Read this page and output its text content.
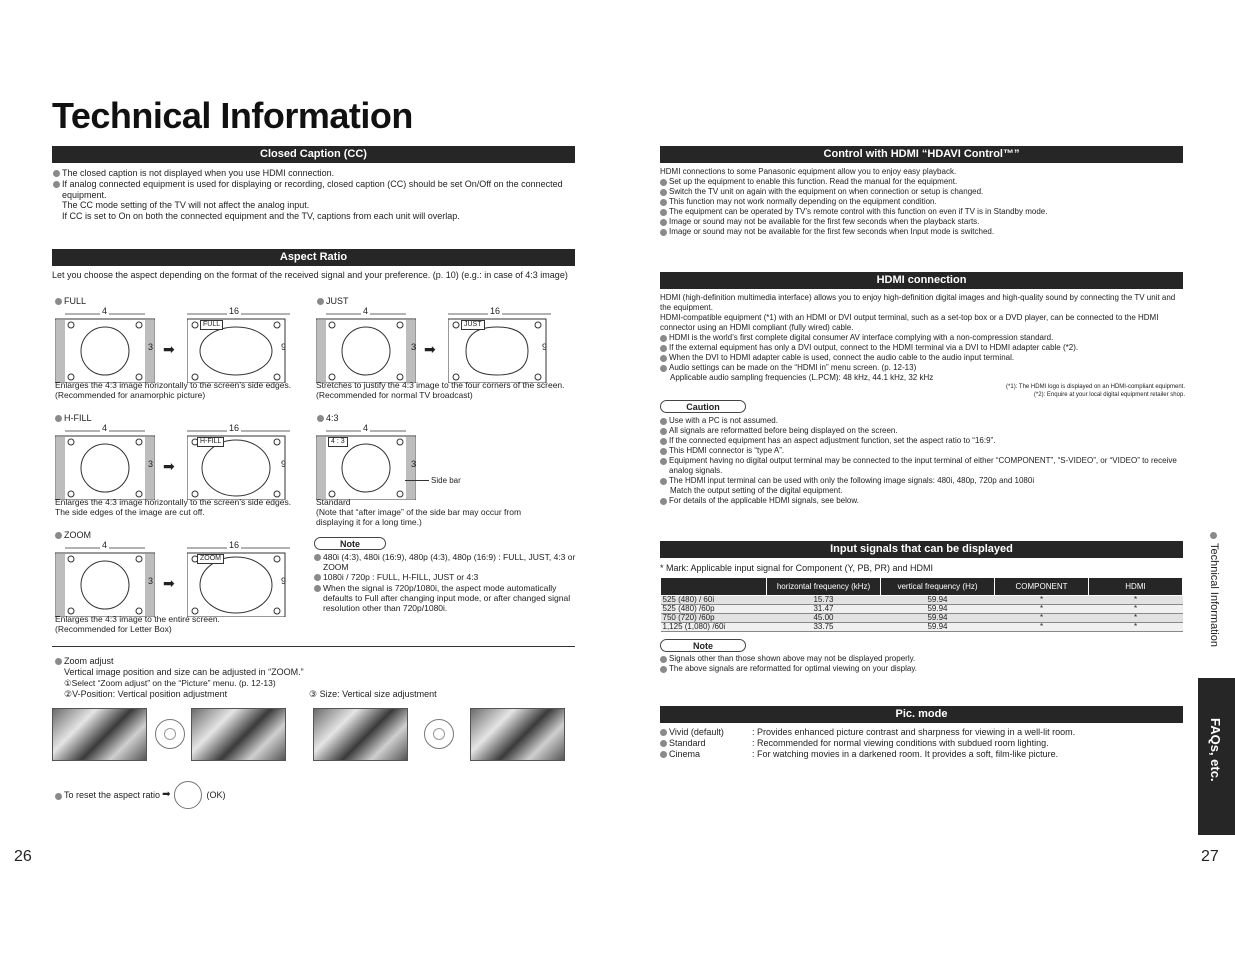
Technical Information
Closed Caption (CC)
The closed caption is not displayed when you use HDMI connection.
If analog connected equipment is used for displaying or recording, closed caption (CC) should be set On/Off on the connected equipment.
The CC mode setting of the TV will not affect the analog input.
If CC is set to On on both the connected equipment and the TV, captions from each unit will overlap.
Aspect Ratio
Let you choose the aspect depending on the format of the received signal and your preference. (p. 10) (e.g.: in case of 4:3 image)
FULL	JUST
H-FILL	4:3
ZOOM
4
3 ➡
16
9
FULL
Enlarges the 4:3 image horizontally to the screen’s side edges.
(Recommended for anamorphic picture)
4
3 ➡
16
9
JUST
Stretches to justify the 4:3 image to the four corners of the screen.
(Recommended for normal TV broadcast)
4
3 ➡
16
9
H-FILL
Enlarges the 4:3 image horizontally to the screen’s side edges.
The side edges of the image are cut off.
4
3
4 : 3
Side bar
Standard
(Note that “after image” of the side bar may occur from displaying it for a long time.)
4
3 ➡
16
9
ZOOM
Enlarges the 4:3 image to the entire screen.
(Recommended for Letter Box)
Note
480i (4:3), 480i (16:9), 480p (4:3), 480p (16:9) : FULL, JUST, 4:3 or ZOOM
1080i / 720p : FULL, H-FILL, JUST or 4:3
When the signal is 720p/1080i, the aspect mode automatically defaults to Full after changing input mode, or after changed signal resolution other than 720p/1080i.
Zoom adjust
Vertical image position and size can be adjusted in “ZOOM.”
①Select “Zoom adjust” on the “Picture” menu. (p. 12-13)
②V-Position: Vertical position adjustment	③ Size: Vertical size adjustment
To reset the aspect ratio ➡	(OK)
26
Control with HDMI “HDAVI Control™”
HDMI connections to some Panasonic equipment allow you to enjoy easy playback.
Set up the equipment to enable this function. Read the manual for the equipment.
Switch the TV unit on again with the equipment on when connection or setup is changed.
This function may not work normally depending on the equipment condition.
The equipment can be operated by TV’s remote control with this function on even if TV is in Standby mode.
Image or sound may not be available for the first few seconds when the playback starts.
Image or sound may not be available for the first few seconds when Input mode is switched.
HDMI connection
HDMI (high-definition multimedia interface) allows you to enjoy high-definition digital images and high-quality sound by connecting the TV unit and the equipment.
HDMI-compatible equipment (*1) with an HDMI or DVI output terminal, such as a set-top box or a DVD player, can be connected to the HDMI connector using an HDMI compliant (fully wired) cable.
HDMI is the world’s first complete digital consumer AV interface complying with a non-compression standard.
If the external equipment has only a DVI output, connect to the HDMI terminal via a DVI to HDMI adapter cable (*2).
When the DVI to HDMI adapter cable is used, connect the audio cable to the audio input terminal.
Audio settings can be made on the “HDMI in” menu screen. (p. 12-13)
Applicable audio sampling frequencies (L.PCM): 48 kHz, 44.1 kHz, 32 kHz
(*1): The HDMI logo is displayed on an HDMI-compliant equipment.
(*2): Enquire at your local digital equipment retailer shop.
Caution
Use with a PC is not assumed.
All signals are reformatted before being displayed on the screen.
If the connected equipment has an aspect adjustment function, set the aspect ratio to “16:9”.
This HDMI connector is “type A”.
Equipment having no digital output terminal may be connected to the input terminal of either “COMPONENT”, “S-VIDEO”, or “VIDEO” to receive analog signals.
The HDMI input terminal can be used with only the following image signals: 480i, 480p, 720p and 1080i
Match the output setting of the digital equipment.
For details of the applicable HDMI signals, see below.
Input signals that can be displayed
* Mark: Applicable input signal for Component (Y, PB, PR) and HDMI
	horizontal frequency (kHz)	vertical frequency (Hz)	COMPONENT	HDMI
525 (480) / 60i	15.73	59.94	*	*
525 (480) /60p	31.47	59.94	*	*
750 (720) /60p	45.00	59.94	*	*
1,125 (1,080) /60i	33.75	59.94	*	*
Note
Signals other than those shown above may not be displayed properly.
The above signals are reformatted for optimal viewing on your display.
Pic. mode
Vivid (default)	: Provides enhanced picture contrast and sharpness for viewing in a well-lit room.
Standard	: Recommended for normal viewing conditions with subdued room lighting.
Cinema	: For watching movies in a darkened room. It provides a soft, film-like picture.
Technical Information
FAQs, etc.
27
